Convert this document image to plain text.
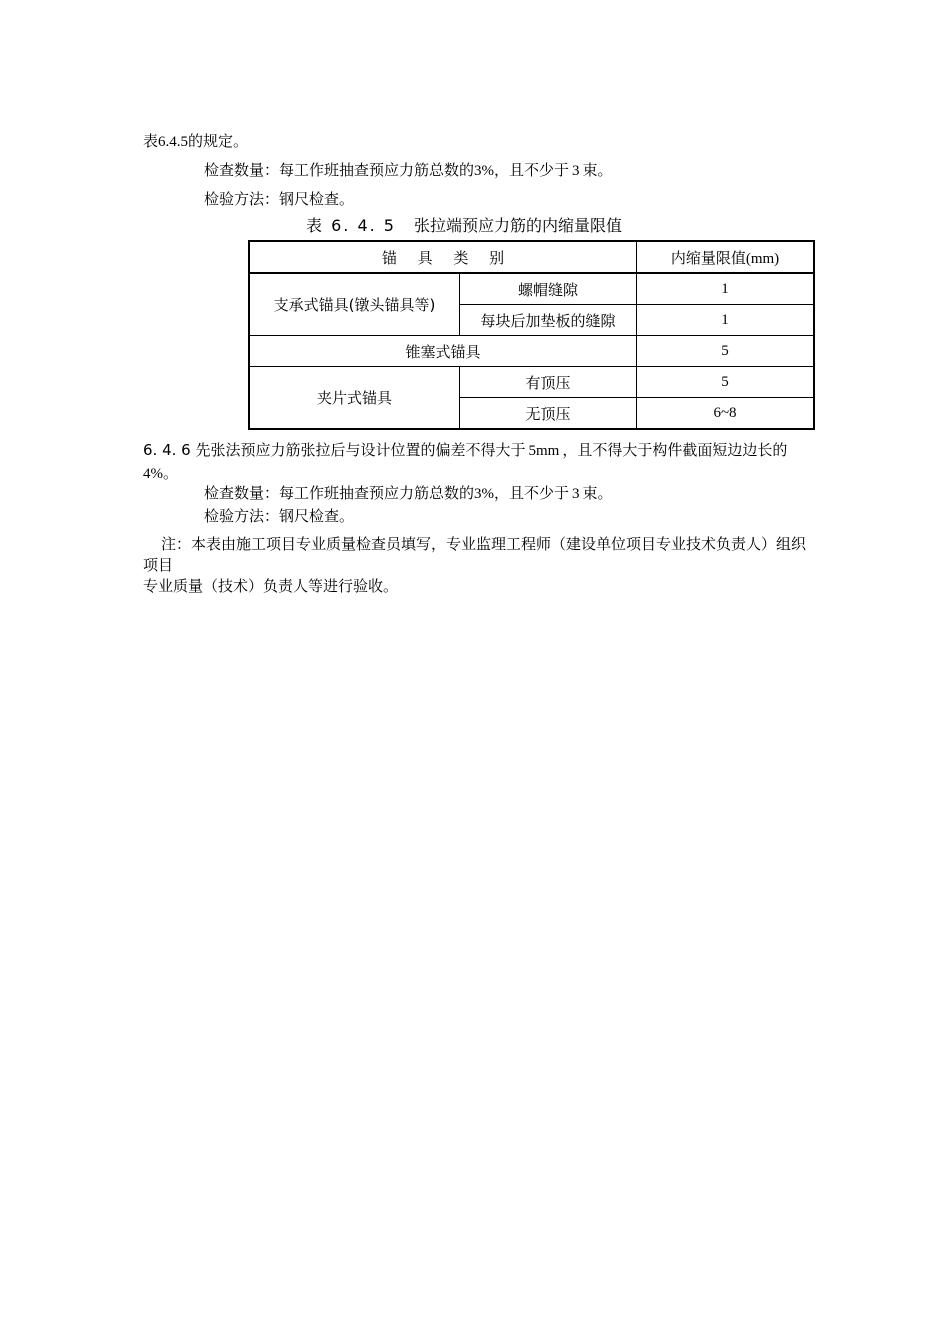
表6.4.5的规定。
检查数量：每工作班抽查预应力筋总数的3%，且不少于 3 束。
检验方法：钢尺检查。
表 6. 4. 5 张拉端预应力筋的内缩量限值
锚 具 类 别		内缩量限值(mm)
支承式锚具(镦头锚具等)	螺帽缝隙	1
	每块后加垫板的缝隙	1
锥塞式锚具		5
夹片式锚具	有顶压	5
	无顶压	6~8
6. 4. 6 先张法预应力筋张拉后与设计位置的偏差不得大于 5mm ，且不得大于构件截面短边边长的4%。
检查数量：每工作班抽查预应力筋总数的3%，且不少于 3 束。
检验方法：钢尺检查。
注：本表由施工项目专业质量检查员填写，专业监理工程师（建设单位项目专业技术负责人）组织项目
专业质量（技术）负责人等进行验收。
